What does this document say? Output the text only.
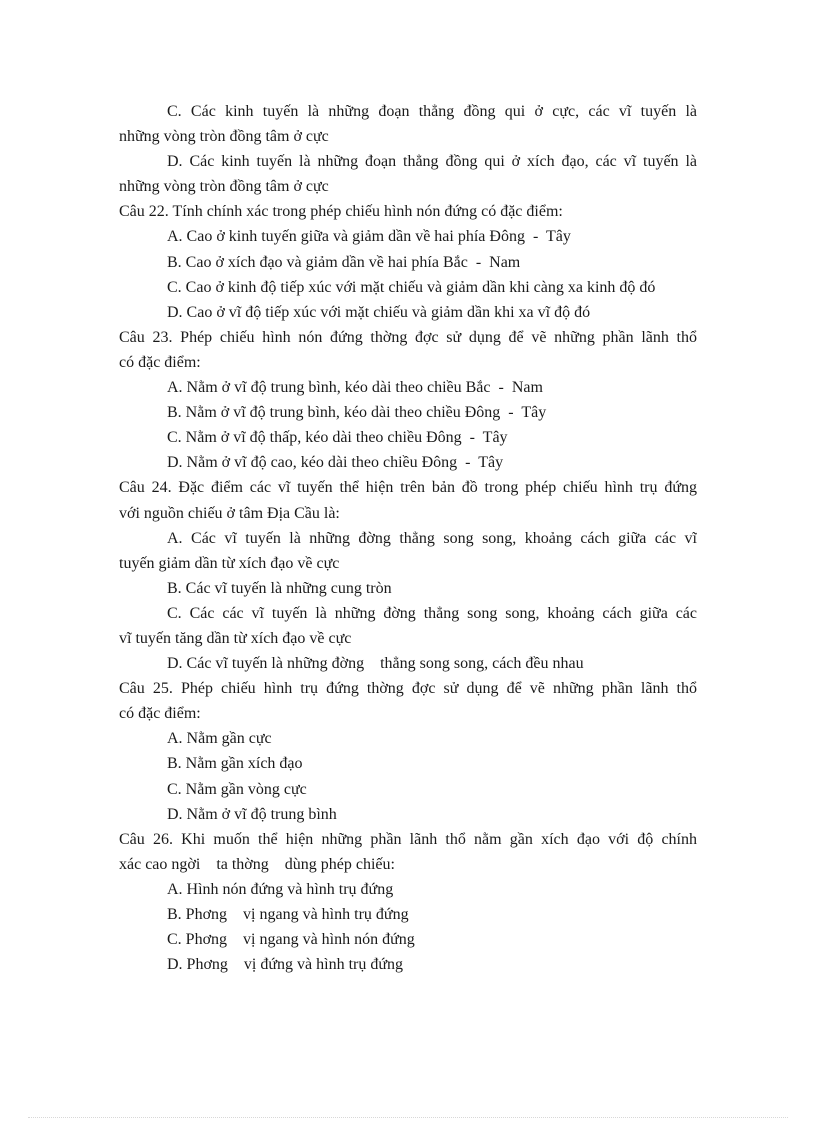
C. Các kinh tuyến là những đoạn thẳng đồng qui ở cực, các vĩ tuyến là
những vòng tròn đồng tâm ở cực
D. Các kinh tuyến là những đoạn thẳng đồng qui ở xích đạo, các vĩ tuyến là
những vòng tròn đồng tâm ở cực
Câu 22. Tính chính xác trong phép chiếu hình nón đứng có đặc điểm:
A. Cao ở kinh tuyến giữa và giảm dần về hai phía Đông  -  Tây
B. Cao ở xích đạo và giảm dần về hai phía Bắc  -  Nam
C. Cao ở kinh độ tiếp xúc với mặt chiếu và giảm dần khi càng xa kinh độ đó
D. Cao ở vĩ độ tiếp xúc với mặt chiếu và giảm dần khi xa vĩ độ đó
Câu 23. Phép chiếu hình nón đứng thờng đợc sử dụng để vẽ những phần lãnh thổ
có đặc điểm:
A. Nằm ở vĩ độ trung bình, kéo dài theo chiều Bắc  -  Nam
B. Nằm ở vĩ độ trung bình, kéo dài theo chiều Đông  -  Tây
C. Nằm ở vĩ độ thấp, kéo dài theo chiều Đông  -  Tây
D. Nằm ở vĩ độ cao, kéo dài theo chiều Đông  -  Tây
Câu 24. Đặc điểm các vĩ tuyến thể hiện trên bản đồ trong phép chiếu hình trụ đứng
với nguồn chiếu ở tâm Địa Cầu là:
A. Các vĩ tuyến là những đờng thẳng song song, khoảng cách giữa các vĩ
tuyến giảm dần từ xích đạo về cực
B. Các vĩ tuyến là những cung tròn
C. Các các vĩ tuyến là những đờng thẳng song song, khoảng cách giữa các
vĩ tuyến tăng dần từ xích đạo về cực
D. Các vĩ tuyến là những đờng    thẳng song song, cách đều nhau
Câu 25. Phép chiếu hình trụ đứng thờng đợc sử dụng để vẽ những phần lãnh thổ
có đặc điểm:
A. Nằm gần cực
B. Nằm gần xích đạo
C. Nằm gần vòng cực
D. Nằm ở vĩ độ trung bình
Câu 26. Khi muốn thể hiện những phần lãnh thổ nằm gần xích đạo với độ chính
xác cao ngời    ta thờng    dùng phép chiếu:
A. Hình nón đứng và hình trụ đứng
B. Phơng    vị ngang và hình trụ đứng
C. Phơng    vị ngang và hình nón đứng
D. Phơng    vị đứng và hình trụ đứng
